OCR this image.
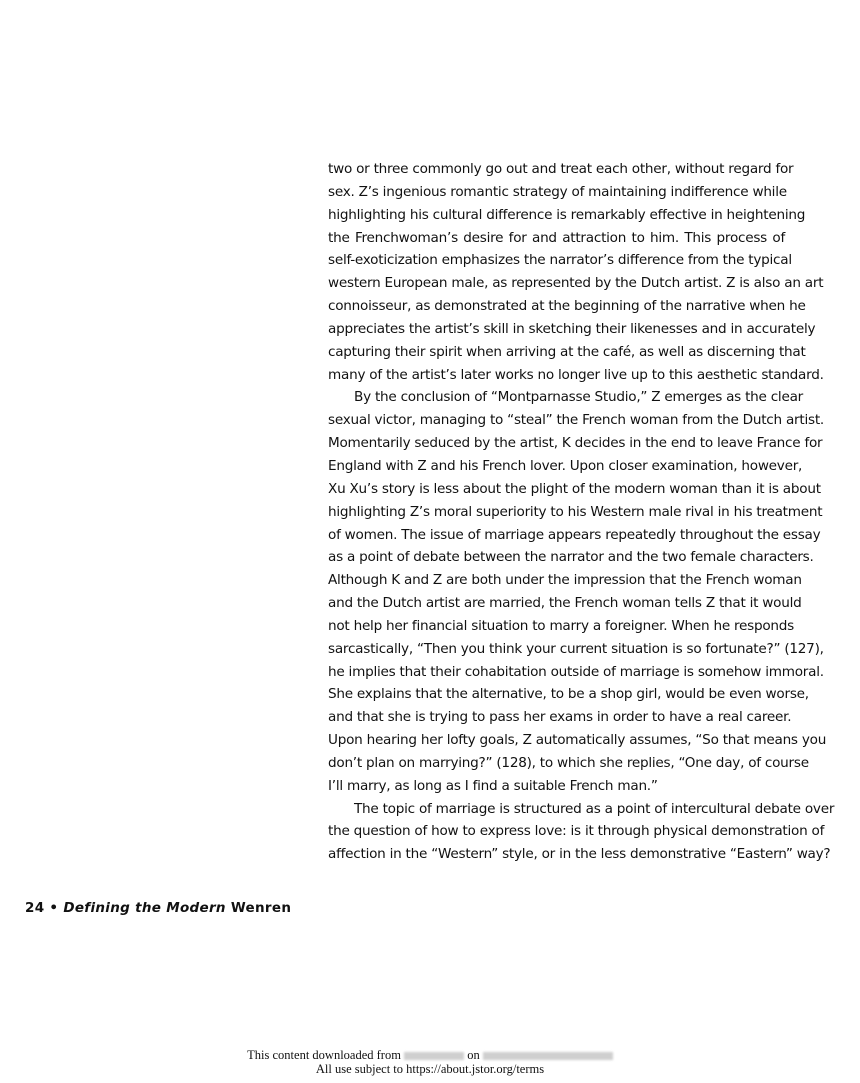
two or three commonly go out and treat each other, without regard for
sex. Z’s ingenious romantic strategy of maintaining indifference while
highlighting his cultural difference is remarkably effective in heightening
the Frenchwoman’s desire for and attraction to him. This process of
self-exoticization emphasizes the narrator’s difference from the typical
western European male, as represented by the Dutch artist. Z is also an art
connoisseur, as demonstrated at the beginning of the narrative when he
appreciates the artist’s skill in sketching their likenesses and in accurately
capturing their spirit when arriving at the café, as well as discerning that
many of the artist’s later works no longer live up to this aesthetic standard.
By the conclusion of “Montparnasse Studio,” Z emerges as the clear
sexual victor, managing to “steal” the French woman from the Dutch artist.
Momentarily seduced by the artist, K decides in the end to leave France for
England with Z and his French lover. Upon closer examination, however,
Xu Xu’s story is less about the plight of the modern woman than it is about
highlighting Z’s moral superiority to his Western male rival in his treatment
of women. The issue of marriage appears repeatedly throughout the essay
as a point of debate between the narrator and the two female characters.
Although K and Z are both under the impression that the French woman
and the Dutch artist are married, the French woman tells Z that it would
not help her financial situation to marry a foreigner. When he responds
sarcastically, “Then you think your current situation is so fortunate?” (127),
he implies that their cohabitation outside of marriage is somehow immoral.
She explains that the alternative, to be a shop girl, would be even worse,
and that she is trying to pass her exams in order to have a real career.
Upon hearing her lofty goals, Z automatically assumes, “So that means you
don’t plan on marrying?” (128), to which she replies, “One day, of course
I’ll marry, as long as I find a suitable French man.”
The topic of marriage is structured as a point of intercultural debate over
the question of how to express love: is it through physical demonstration of
affection in the “Western” style, or in the less demonstrative “Eastern” way?
24 • Defining the Modern Wenren
This content downloaded from	on
All use subject to https://about.jstor.org/terms
